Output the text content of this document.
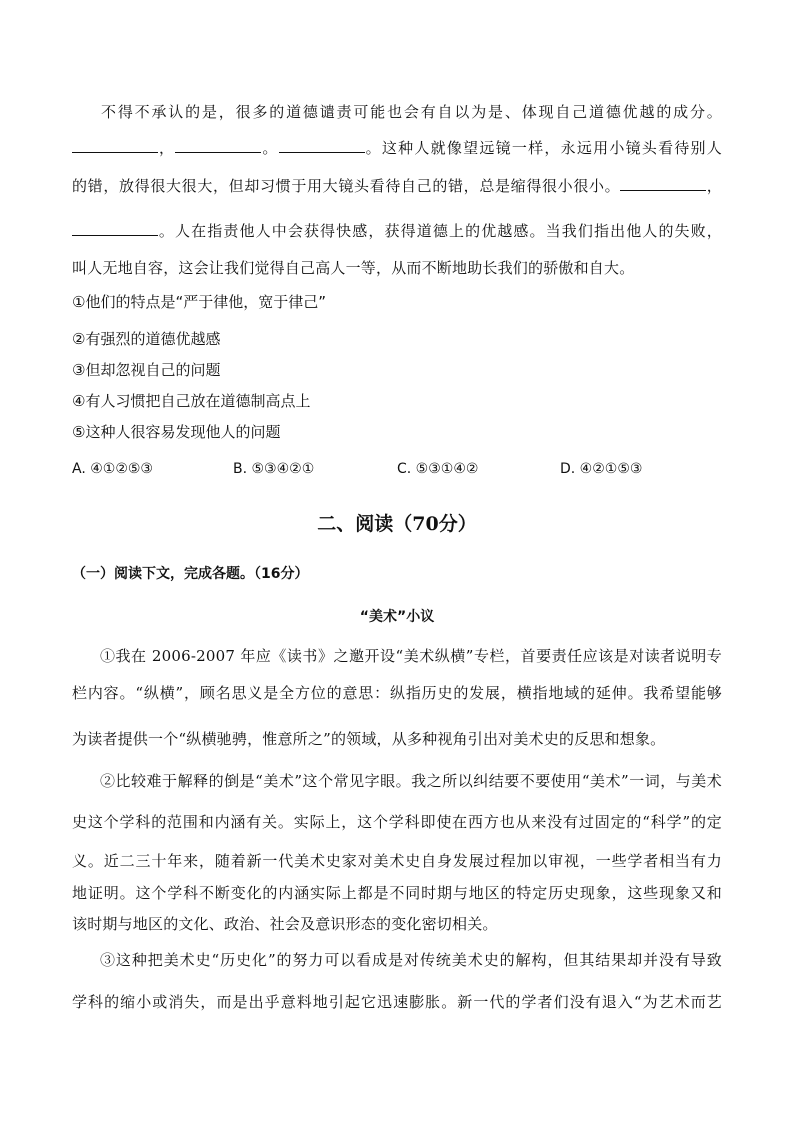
不得不承认的是，很多的道德谴责可能也会有自以为是、体现自己道德优越的成分。
，	。	。这种人就像望远镜一样，永远用小镜头看待别人
的错，放得很大很大，但却习惯于用大镜头看待自己的错，总是缩得很小很小。	，
。人在指责他人中会获得快感，获得道德上的优越感。当我们指出他人的失败，
叫人无地自容，这会让我们觉得自己高人一等，从而不断地助长我们的骄傲和自大。
①他们的特点是“严于律他，宽于律己”
②有强烈的道德优越感
③但却忽视自己的问题
④有人习惯把自己放在道德制高点上
⑤这种人很容易发现他人的问题
A. ④①②⑤③	B. ⑤③④②①	C. ⑤③①④②	D. ④②①⑤③
二、阅读（70分）
（一）阅读下文，完成各题。（16分）
“美术”小议
①我在 2006-2007 年应《读书》之邀开设“美术纵横”专栏，首要责任应该是对读者说明专
栏内容。“纵横”，顾名思义是全方位的意思：纵指历史的发展，横指地域的延伸。我希望能够
为读者提供一个“纵横驰骋，惟意所之”的领域，从多种视角引出对美术史的反思和想象。
②比较难于解释的倒是“美术”这个常见字眼。我之所以纠结要不要使用“美术”一词，与美术
史这个学科的范围和内涵有关。实际上，这个学科即使在西方也从来没有过固定的“科学”的定
义。近二三十年来，随着新一代美术史家对美术史自身发展过程加以审视，一些学者相当有力
地证明。这个学科不断变化的内涵实际上都是不同时期与地区的特定历史现象，这些现象又和
该时期与地区的文化、政治、社会及意识形态的变化密切相关。
③这种把美术史“历史化”的努力可以看成是对传统美术史的解构，但其结果却并没有导致
学科的缩小或消失，而是出乎意料地引起它迅速膨胀。新一代的学者们没有退入“为艺术而艺
